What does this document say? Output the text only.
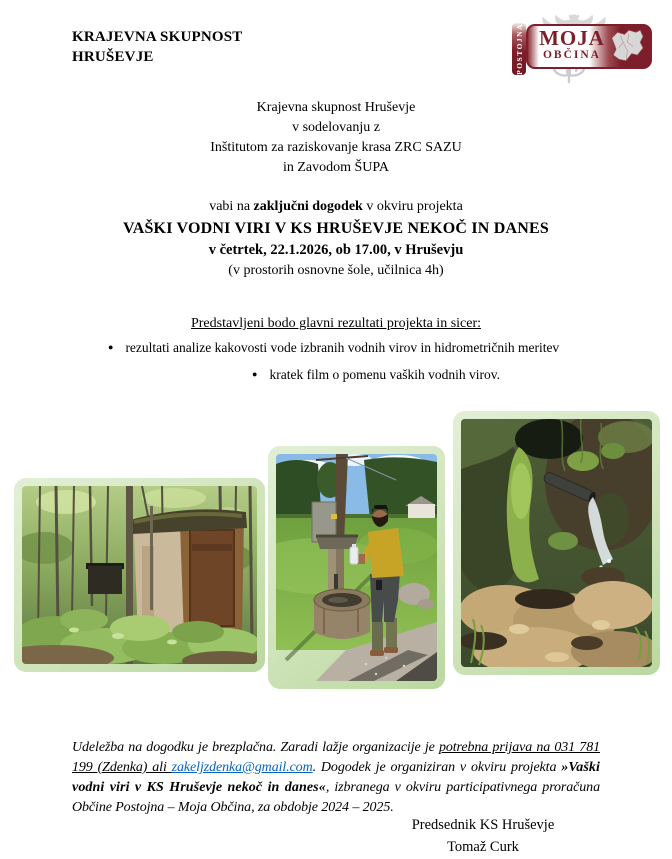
KRAJEVNA SKUPNOST
HRUŠEVJE	POSTOJNA MOJA
OBČINA
Krajevna skupnost Hruševje
v sodelovanju z
Inštitutom za raziskovanje krasa ZRC SAZU
in Zavodom ŠUPA
vabi na zaključni dogodek v okviru projekta
VAŠKI VODNI VIRI V KS HRUŠEVJE NEKOČ IN DANES
v četrtek, 22.1.2026, ob 17.00, v Hruševju
(v prostorih osnovne šole, učilnica 4h)
Predstavljeni bodo glavni rezultati projekta in sicer:
● rezultati analize kakovosti vode izbranih vodnih virov in hidrometričnih meritev
● kratek film o pomenu vaških vodnih virov.

Udeležba na dogodku je brezplačna. Zaradi lažje organizacije je potrebna prijava na 031 781 199 (Zdenka) ali zakeljzdenka@gmail.com. Dogodek je organiziran v okviru projekta »Vaški vodni viri v KS Hruševje nekoč in danes«, izbranega v okviru participativnega proračuna Občine Postojna – Moja Občina, za obdobje 2024 – 2025.

Predsednik KS Hruševje
Tomaž Curk
